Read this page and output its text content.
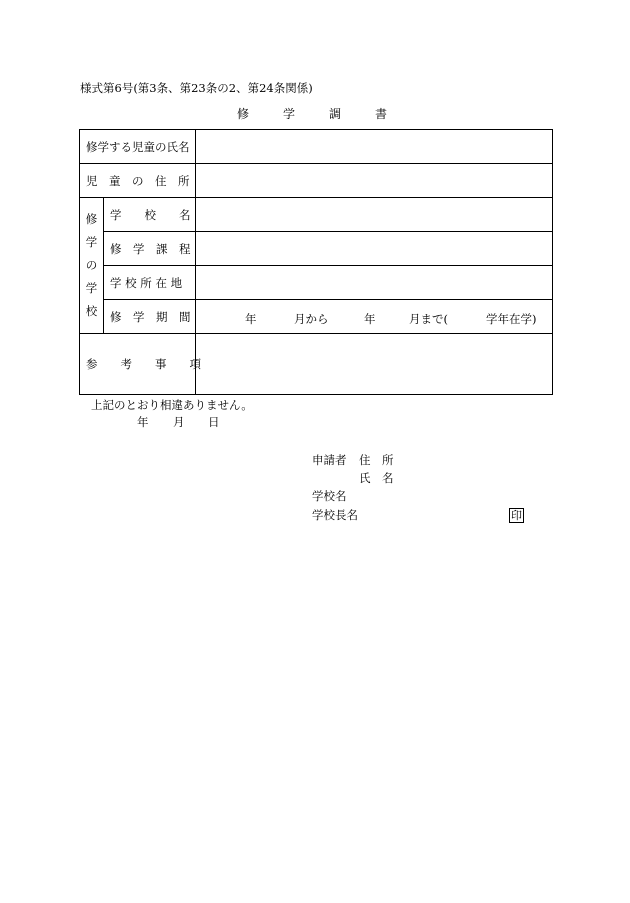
様式第6号(第3条、第23条の2、第24条関係)
修	学	調	書
修学する児童の氏名		
児　童　の　住　所		

修
学
の
学
校	学　　校　　名	
	修　学　課　程	
	学 校 所 在 地	
	修　学　期　間	年 月から 年 月まで( 学年在学)

参　　考　　事　　項		
上記のとおり相違ありません。
年 月 日
申請者 住　所
氏　名
学校名
学校長名	印
